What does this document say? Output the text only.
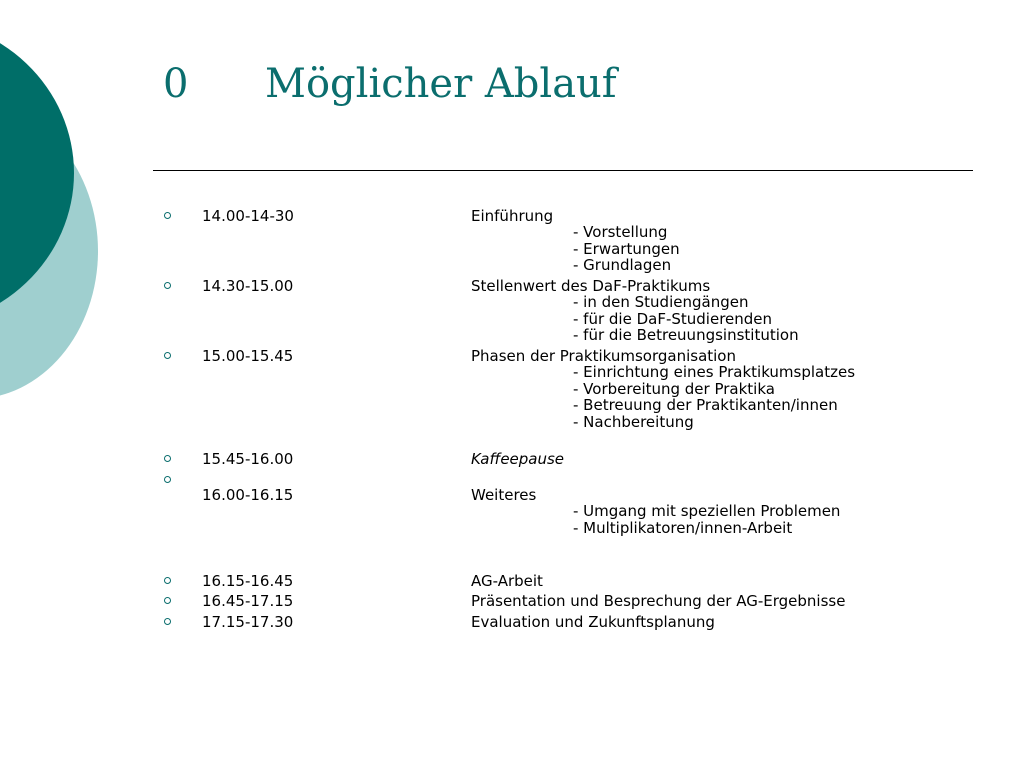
0 Möglicher Ablauf
14.00-14-30	Einführung
- Vorstellung
- Erwartungen
- Grundlagen
14.30-15.00	Stellenwert des DaF-Praktikums
- in den Studiengängen
- für die DaF-Studierenden
- für die Betreuungsinstitution
15.00-15.45	Phasen der Praktikumsorganisation
- Einrichtung eines Praktikumsplatzes
- Vorbereitung der Praktika
- Betreuung der Praktikanten/innen
- Nachbereitung
15.45-16.00	Kaffeepause
16.00-16.15	Weiteres
- Umgang mit speziellen Problemen
- Multiplikatoren/innen-Arbeit
16.15-16.45	AG-Arbeit
16.45-17.15	Präsentation und Besprechung der AG-Ergebnisse
17.15-17.30	Evaluation und Zukunftsplanung
